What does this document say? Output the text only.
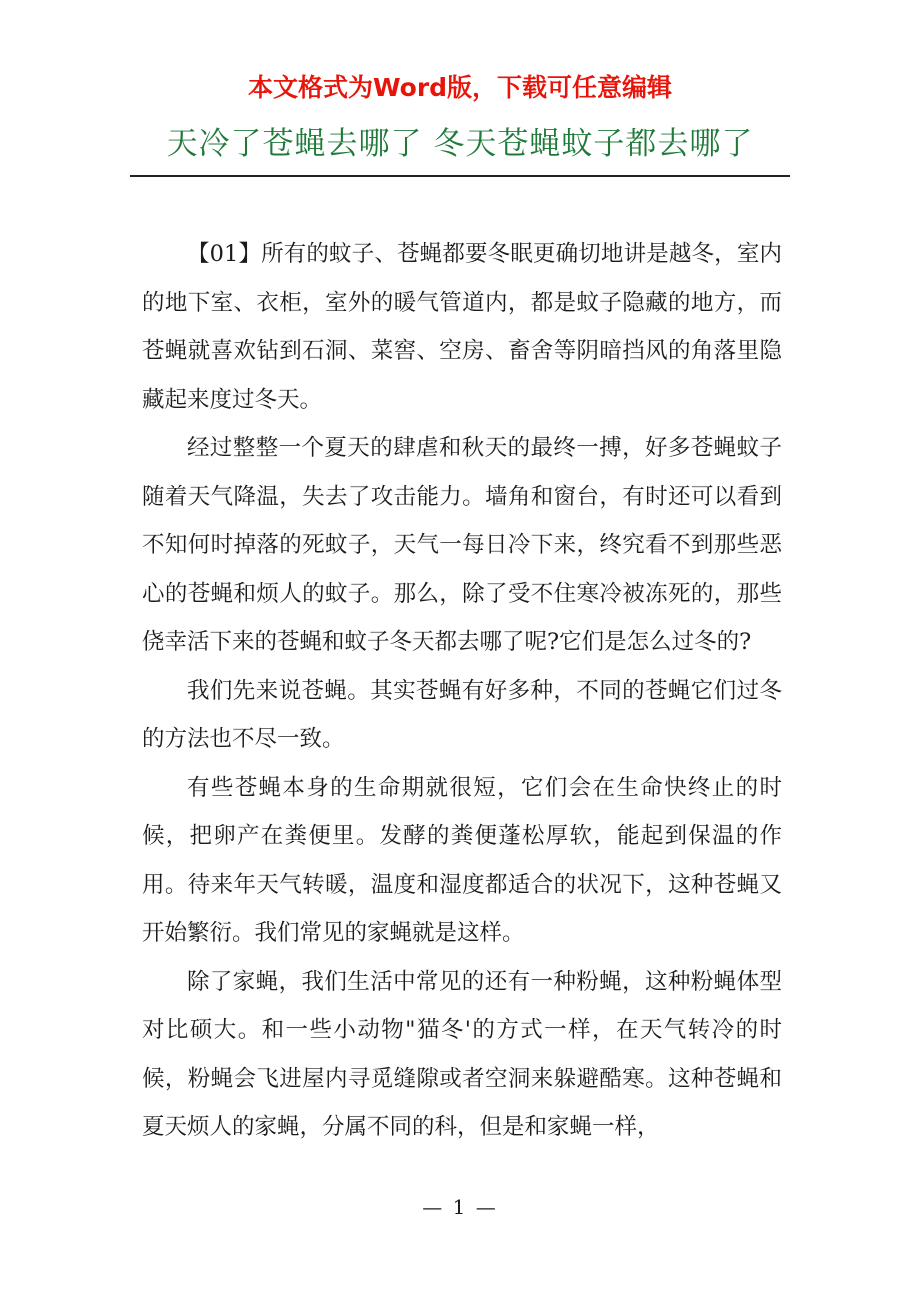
本文格式为Word版，下载可任意编辑
天冷了苍蝇去哪了 冬天苍蝇蚊子都去哪了

【01】所有的蚊子、苍蝇都要冬眠更确切地讲是越冬，室内的地下室、衣柜，室外的暖气管道内，都是蚊子隐藏的地方，而苍蝇就喜欢钻到石洞、菜窖、空房、畜舍等阴暗挡风的角落里隐藏起来度过冬天。

经过整整一个夏天的肆虐和秋天的最终一搏，好多苍蝇蚊子随着天气降温，失去了攻击能力。墙角和窗台，有时还可以看到不知何时掉落的死蚊子，天气一每日冷下来，终究看不到那些恶心的苍蝇和烦人的蚊子。那么，除了受不住寒冷被冻死的，那些侥幸活下来的苍蝇和蚊子冬天都去哪了呢?它们是怎么过冬的?

我们先来说苍蝇。其实苍蝇有好多种，不同的苍蝇它们过冬的方法也不尽一致。

有些苍蝇本身的生命期就很短，它们会在生命快终止的时候，把卵产在粪便里。发酵的粪便蓬松厚软，能起到保温的作用。待来年天气转暖，温度和湿度都适合的状况下，这种苍蝇又开始繁衍。我们常见的家蝇就是这样。

除了家蝇，我们生活中常见的还有一种粉蝇，这种粉蝇体型对比硕大。和一些小动物"猫冬'的方式一样，在天气转冷的时候，粉蝇会飞进屋内寻觅缝隙或者空洞来躲避酷寒。这种苍蝇和夏天烦人的家蝇，分属不同的科，但是和家蝇一样，

— 1 —
